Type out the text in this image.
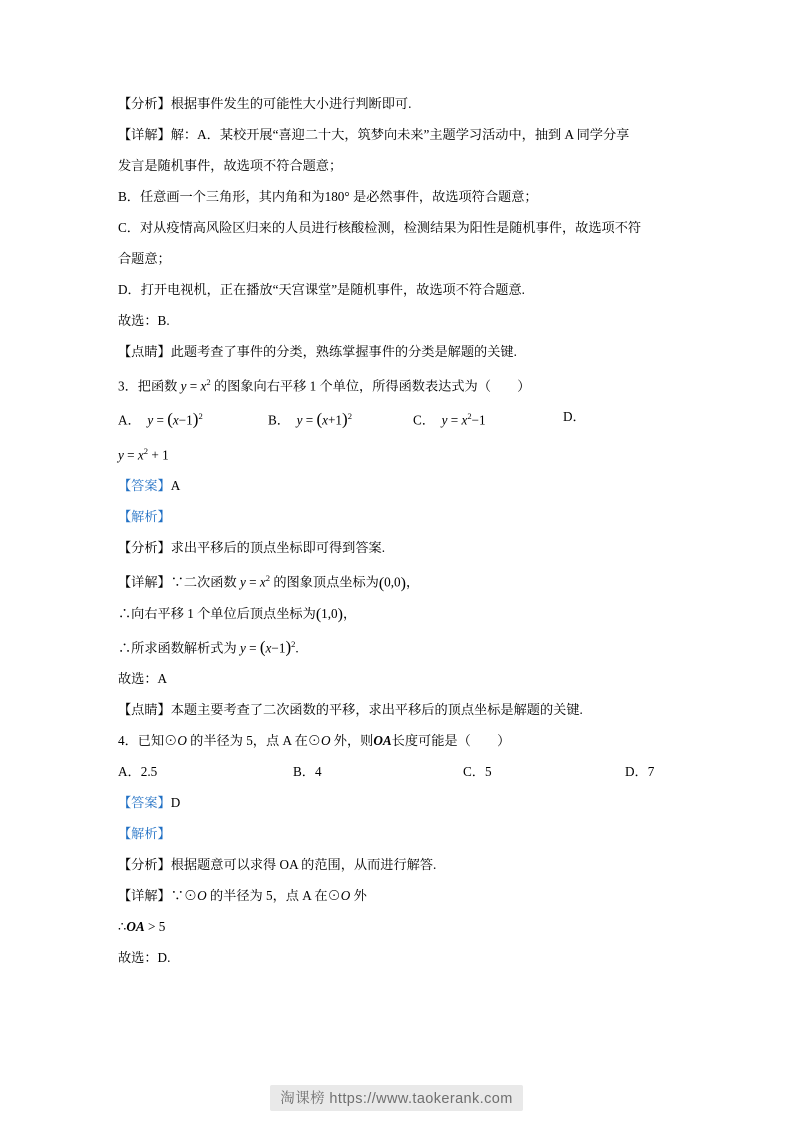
【分析】根据事件发生的可能性大小进行判断即可.
【详解】解：A．某校开展“喜迎二十大，筑梦向未来”主题学习活动中，抽到 A 同学分享
发言是随机事件，故选项不符合题意；
B．任意画一个三角形，其内角和为180° 是必然事件，故选项符合题意；
C．对从疫情高风险区归来的人员进行核酸检测，检测结果为阳性是随机事件，故选项不符
合题意；
D．打开电视机，正在播放“天宫课堂”是随机事件，故选项不符合题意.
故选：B.
【点睛】此题考查了事件的分类，熟练掌握事件的分类是解题的关键.
3．把函数 $y = x^2$ 的图象向右平移 1 个单位，所得函数表达式为（　　）
A． $y = (x-1)^2$	B． $y = (x+1)^2$	C． $y = x^2-1$	D．
$y = x^2 + 1$
【答案】A
【解析】
【分析】求出平移后的顶点坐标即可得到答案.
【详解】∵二次函数 $y = x^2$ 的图象顶点坐标为(0,0)，
∴向右平移 1 个单位后顶点坐标为(1,0)，
∴所求函数解析式为 $y = (x-1)^2$.
故选：A
【点睛】本题主要考查了二次函数的平移，求出平移后的顶点坐标是解题的关键.
4．已知⊙O 的半径为 5，点 A 在⊙O 外，则OA长度可能是（　　）
A．2.5	B．4	C．5	D．7
【答案】D
【解析】
【分析】根据题意可以求得 OA 的范围，从而进行解答.
【详解】∵⊙O 的半径为 5，点 A 在⊙O 外
∴OA > 5
故选：D.
淘课榜 https://www.taokerank.com
